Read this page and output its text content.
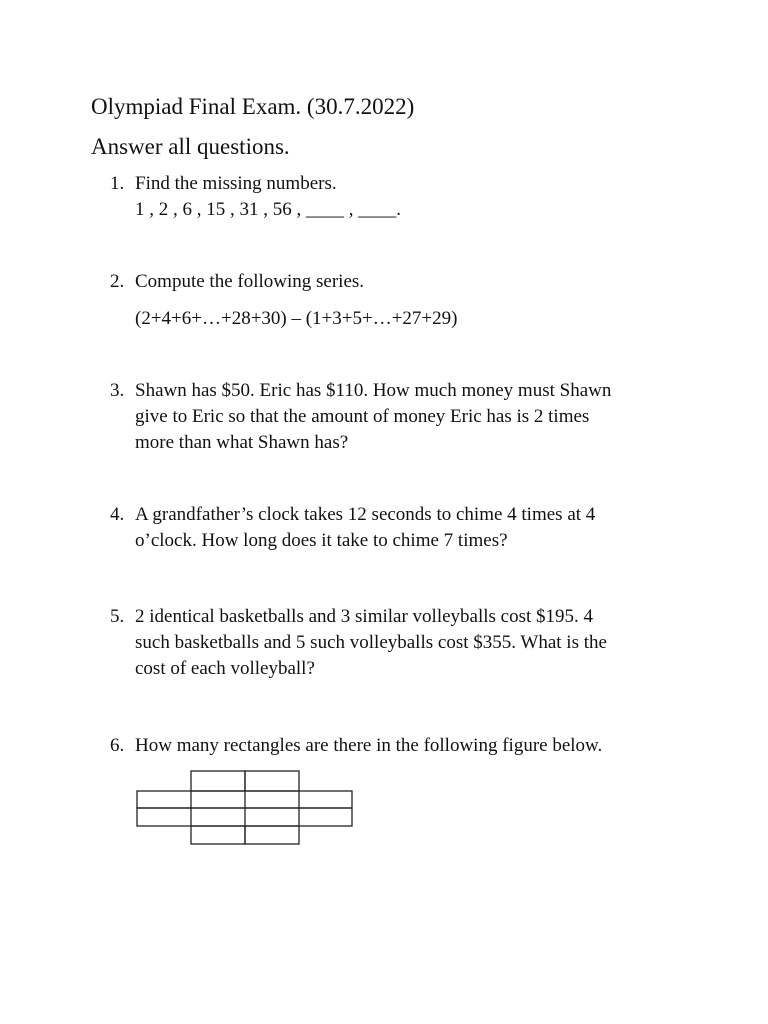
Olympiad Final Exam. (30.7.2022)
Answer all questions.
1. Find the missing numbers.
1 , 2 , 6 , 15 , 31 , 56 , ____ , ____.
2. Compute the following series.
(2+4+6+…+28+30) – (1+3+5+…+27+29)
3. Shawn has $50. Eric has $110. How much money must Shawn
give to Eric so that the amount of money Eric has is 2 times
more than what Shawn has?
4. A grandfather’s clock takes 12 seconds to chime 4 times at 4
o’clock. How long does it take to chime 7 times?
5. 2 identical basketballs and 3 similar volleyballs cost $195. 4
such basketballs and 5 such volleyballs cost $355. What is the
cost of each volleyball?
6. How many rectangles are there in the following figure below.
